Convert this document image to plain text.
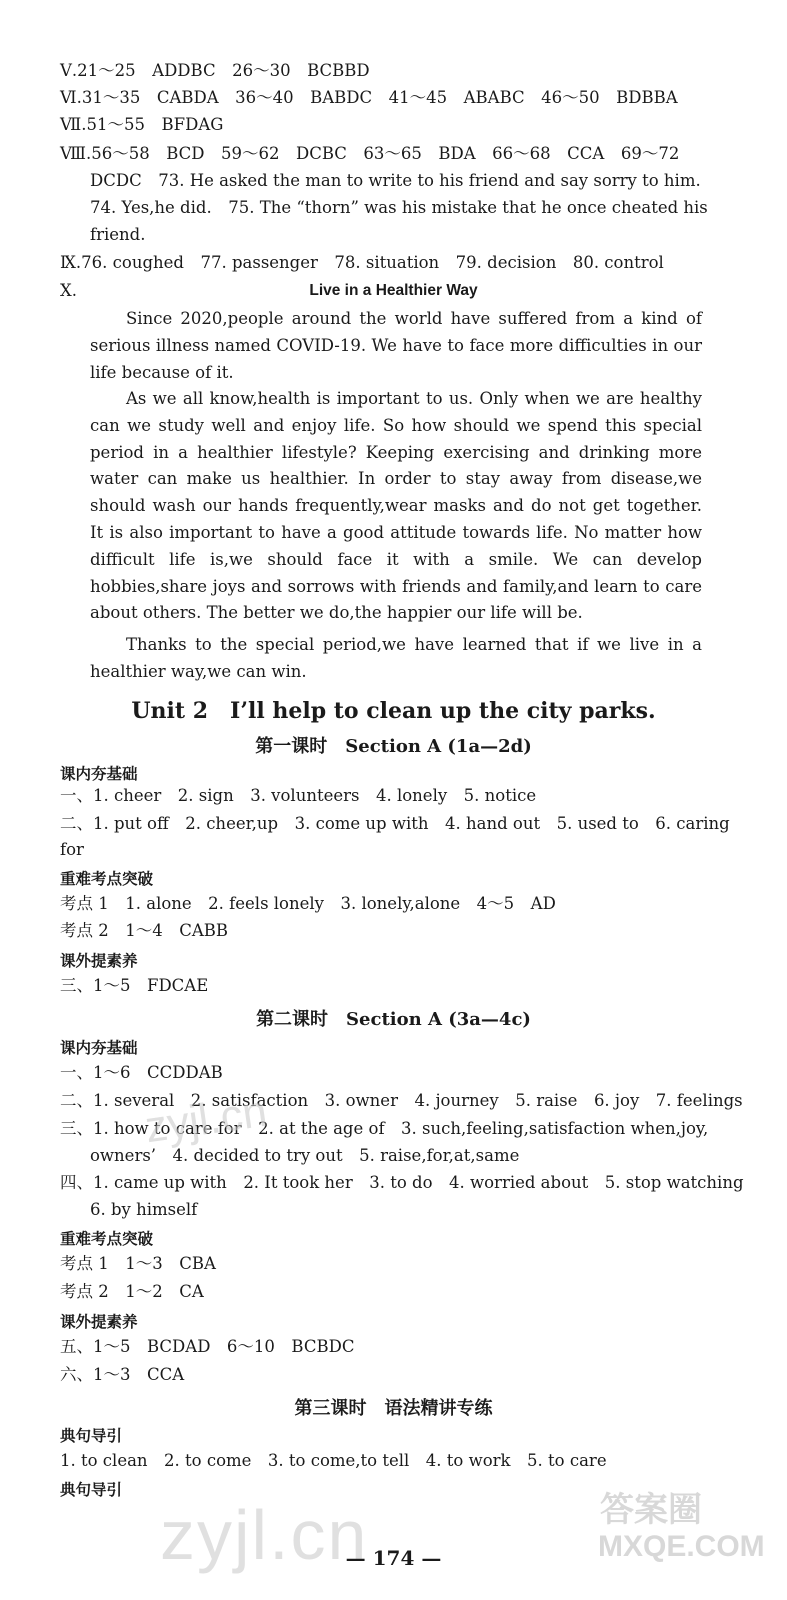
Ⅴ.21～25　ADDBC　26～30　BCBBD
Ⅵ.31～35　CABDA　36～40　BABDC　41～45　ABABC　46～50　BDBBA
Ⅶ.51～55　BFDAG
Ⅷ.56～58　BCD　59～62　DCBC　63～65　BDA　66～68　CCA　69～72
DCDC　73. He asked the man to write to his friend and say sorry to him.
74. Yes,he did.　75. The “thorn” was his mistake that he once cheated his
friend.
Ⅸ.76. coughed　77. passenger　78. situation　79. decision　80. control
Ⅹ.	Live in a Healthier Way
Since 2020,people around the world have suffered from a kind of serious illness named COVID-19. We have to face more difficulties in our life because of it.
As we all know,health is important to us. Only when we are healthy can we study well and enjoy life. So how should we spend this special period in a healthier lifestyle? Keeping exercising and drinking more water can make us healthier. In order to stay away from disease,we should wash our hands frequently,wear masks and do not get together. It is also important to have a good attitude towards life. No matter how difficult life is,we should face it with a smile. We can develop hobbies,share joys and sorrows with friends and family,and learn to care about others. The better we do,the happier our life will be.
Thanks to the special period,we have learned that if we live in a healthier way,we can win.
Unit 2　I’ll help to clean up the city parks.
第一课时　Section A (1a—2d)
课内夯基础
一、1. cheer　2. sign　3. volunteers　4. lonely　5. notice
二、1. put off　2. cheer,up　3. come up with　4. hand out　5. used to　6. caring
for
重难考点突破
考点 1　1. alone　2. feels lonely　3. lonely,alone　4～5　AD
考点 2　1～4　CABB
课外提素养
三、1～5　FDCAE
第二课时　Section A (3a—4c)
课内夯基础
一、1～6　CCDDAB
二、1. several　2. satisfaction　3. owner　4. journey　5. raise　6. joy　7. feelings
三、1. how to care for　2. at the age of　3. such,feeling,satisfaction when,joy,
owners’　4. decided to try out　5. raise,for,at,same
四、1. came up with　2. It took her　3. to do　4. worried about　5. stop watching
6. by himself
重难考点突破
考点 1　1～3　CBA
考点 2　1～2　CA
课外提素养
五、1～5　BCDAD　6～10　BCBDC
六、1～3　CCA
第三课时　语法精讲专练
典句导引
1. to clean　2. to come　3. to come,to tell　4. to work　5. to care
典句导引
zyjl.cn
zyjl.cn	答案圈
MXQE.COM
— 174 —
